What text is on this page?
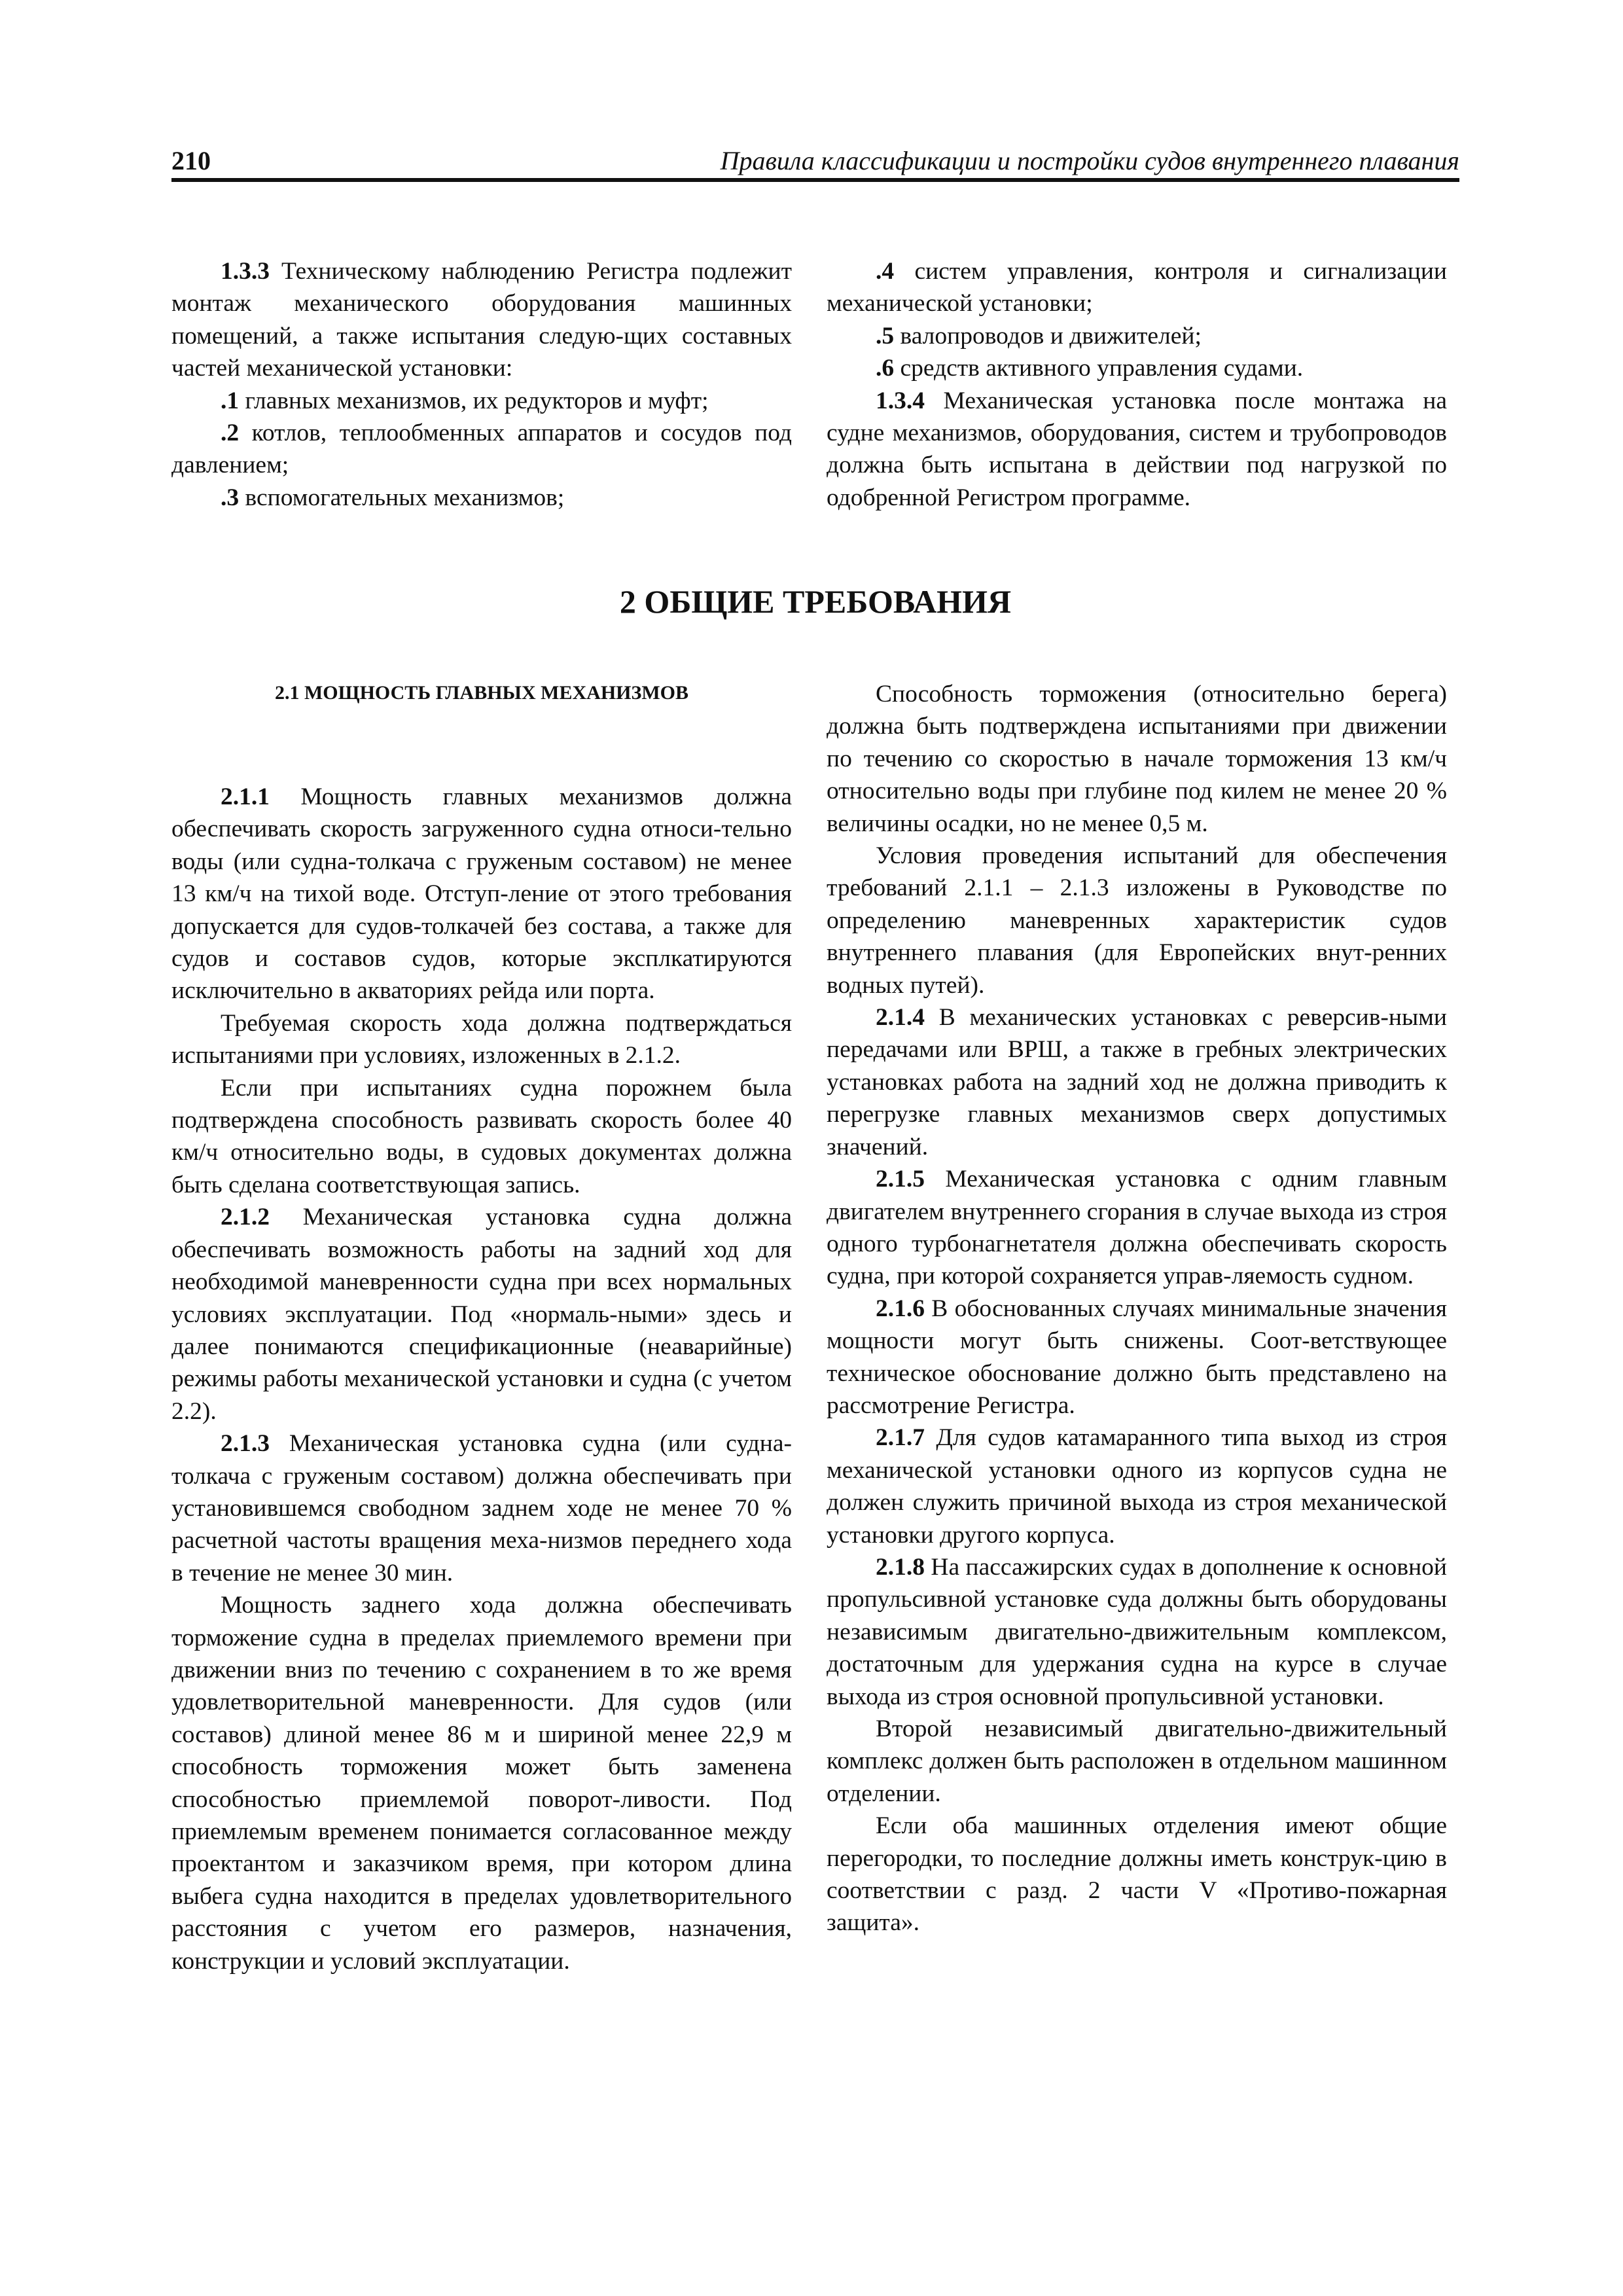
210	Правила классификации и постройки судов внутреннего плавания

1.3.3 Техническому наблюдению Регистра подлежит монтаж механического оборудования машинных помещений, а также испытания следую-щих составных частей механической установки:

.1 главных механизмов, их редукторов и муфт;

.2 котлов, теплообменных аппаратов и сосудов под давлением;

.3 вспомогательных механизмов;

.4 систем управления, контроля и сигнализации механической установки;

.5 валопроводов и движителей;

.6 средств активного управления судами.

1.3.4 Механическая установка после монтажа на судне механизмов, оборудования, систем и трубопроводов должна быть испытана в действии под нагрузкой по одобренной Регистром программе.

2 ОБЩИЕ ТРЕБОВАНИЯ
2.1 МОЩНОСТЬ ГЛАВНЫХ МЕХАНИЗМОВ

2.1.1 Мощность главных механизмов должна обеспечивать скорость загруженного судна относи-тельно воды (или судна-толкача с груженым составом) не менее 13 км/ч на тихой воде. Отступ-ление от этого требования допускается для судов-толкачей без состава, а также для судов и составов судов, которые эксплкатируются исключительно в акваториях рейда или порта.

Требуемая скорость хода должна подтверждаться испытаниями при условиях, изложенных в 2.1.2.

Если при испытаниях судна порожнем была подтверждена способность развивать скорость более 40 км/ч относительно воды, в судовых документах должна быть сделана соответствующая запись.

2.1.2 Механическая установка судна должна обеспечивать возможность работы на задний ход для необходимой маневренности судна при всех нормальных условиях эксплуатации. Под «нормаль-ными» здесь и далее понимаются спецификационные (неаварийные) режимы работы механической установки и судна (с учетом 2.2).

2.1.3 Механическая установка судна (или судна-толкача с груженым составом) должна обеспечивать при установившемся свободном заднем ходе не менее 70 % расчетной частоты вращения меха-низмов переднего хода в течение не менее 30 мин.

Мощность заднего хода должна обеспечивать торможение судна в пределах приемлемого времени при движении вниз по течению с сохранением в то же время удовлетворительной маневренности. Для судов (или составов) длиной менее 86 м и шириной менее 22,9 м способность торможения может быть заменена способностью приемлемой поворот-ливости. Под приемлемым временем понимается согласованное между проектантом и заказчиком время, при котором длина выбега судна находится в пределах удовлетворительного расстояния с учетом его размеров, назначения, конструкции и условий эксплуатации.

Способность торможения (относительно берега) должна быть подтверждена испытаниями при движении по течению со скоростью в начале торможения 13 км/ч относительно воды при глубине под килем не менее 20 % величины осадки, но не менее 0,5 м.

Условия проведения испытаний для обеспечения требований 2.1.1 – 2.1.3 изложены в Руководстве по определению маневренных характеристик судов внутреннего плавания (для Европейских внут-ренних водных путей).

2.1.4 В механических установках с реверсив-ными передачами или ВРШ, а также в гребных электрических установках работа на задний ход не должна приводить к перегрузке главных механизмов сверх допустимых значений.

2.1.5 Механическая установка с одним главным двигателем внутреннего сгорания в случае выхода из строя одного турбонагнетателя должна обеспечивать скорость судна, при которой сохраняется управ-ляемость судном.

2.1.6 В обоснованных случаях минимальные значения мощности могут быть снижены. Соот-ветствующее техническое обоснование должно быть представлено на рассмотрение Регистра.

2.1.7 Для судов катамаранного типа выход из строя механической установки одного из корпусов судна не должен служить причиной выхода из строя механической установки другого корпуса.

2.1.8 На пассажирских судах в дополнение к основной пропульсивной установке суда должны быть оборудованы независимым двигательно-движительным комплексом, достаточным для удержания судна на курсе в случае выхода из строя основной пропульсивной установки.

Второй независимый двигательно-движительный комплекс должен быть расположен в отдельном машинном отделении.

Если оба машинных отделения имеют общие перегородки, то последние должны иметь конструк-цию в соответствии с разд. 2 части V «Противо-пожарная защита».
